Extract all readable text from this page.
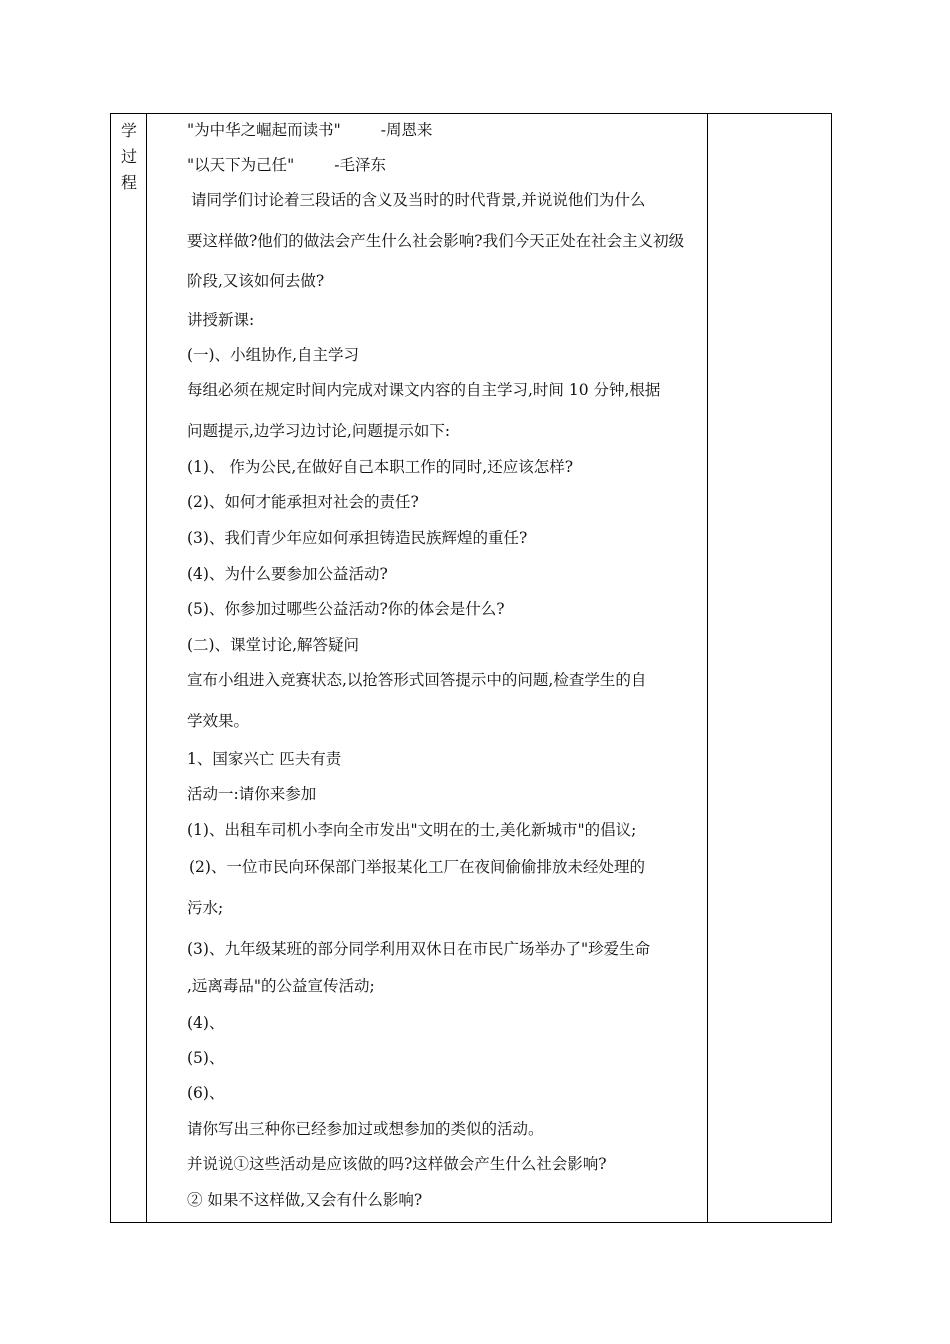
学
过
程
"为中华之崛起而读书"	-周恩来
"以天下为己任"	-毛泽东
请同学们讨论着三段话的含义及当时的时代背景,并说说他们为什么
要这样做?他们的做法会产生什么社会影响?我们今天正处在社会主义初级
阶段,又该如何去做?
讲授新课:
(一)、小组协作,自主学习
每组必须在规定时间内完成对课文内容的自主学习,时间 10 分钟,根据
问题提示,边学习边讨论,问题提示如下:
(1)、 作为公民,在做好自己本职工作的同时,还应该怎样?
(2)、如何才能承担对社会的责任?
(3)、我们青少年应如何承担铸造民族辉煌的重任?
(4)、为什么要参加公益活动?
(5)、你参加过哪些公益活动?你的体会是什么?
(二)、课堂讨论,解答疑问
宣布小组进入竞赛状态,以抢答形式回答提示中的问题,检查学生的自
学效果。
1、国家兴亡 匹夫有责
活动一:请你来参加
(1)、出租车司机小李向全市发出"文明在的士,美化新城市"的倡议;
(2)、一位市民向环保部门举报某化工厂在夜间偷偷排放未经处理的
污水;
(3)、九年级某班的部分同学利用双休日在市民广场举办了"珍爱生命
,远离毒品"的公益宣传活动;
(4)、
(5)、
(6)、
请你写出三种你已经参加过或想参加的类似的活动。
并说说①这些活动是应该做的吗?这样做会产生什么社会影响?
② 如果不这样做,又会有什么影响?
